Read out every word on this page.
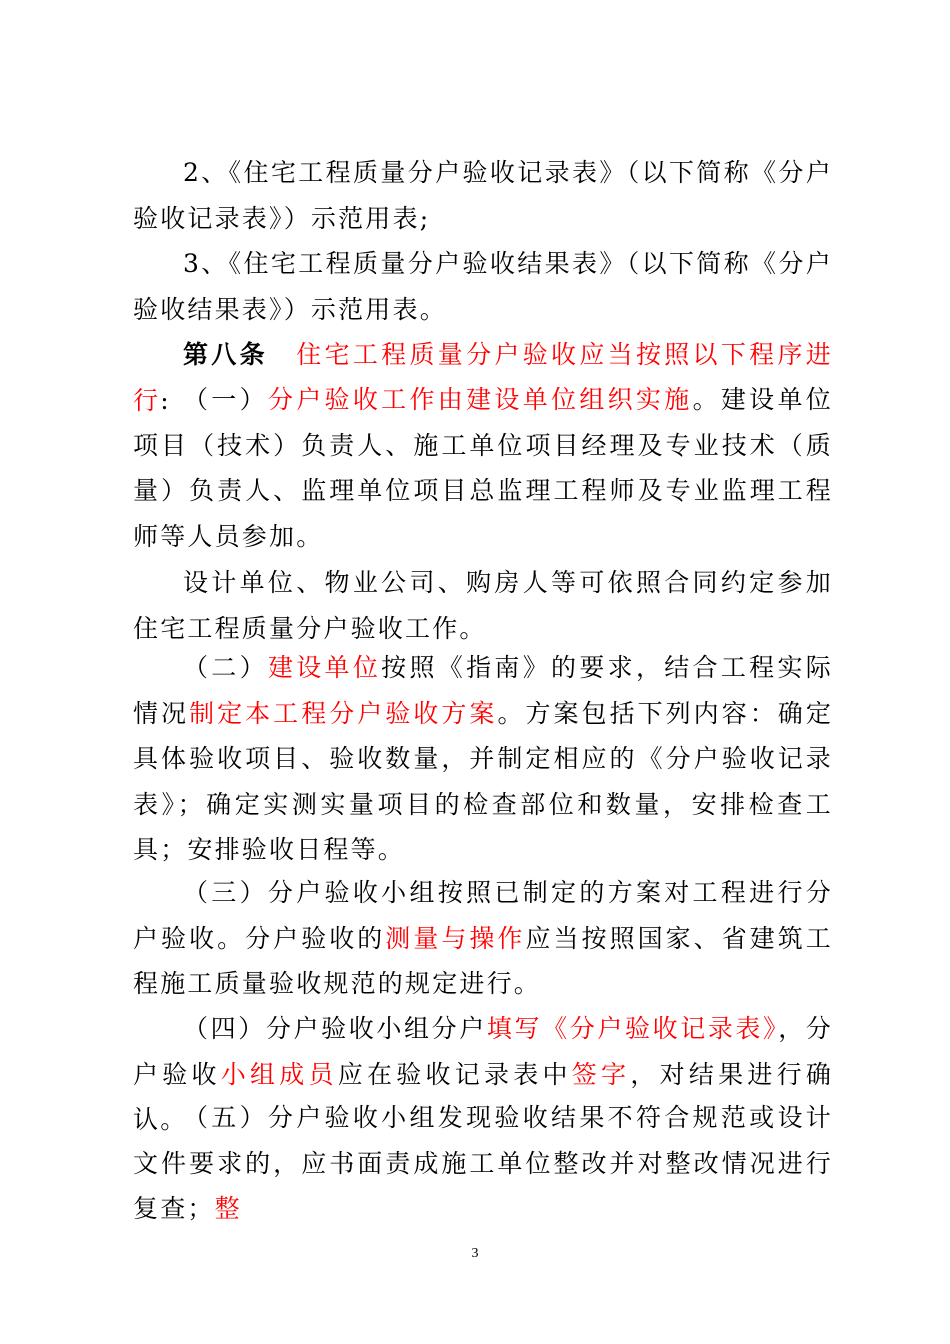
2、《住宅工程质量分户验收记录表》（以下简称《分户验收记录表》）示范用表;

3、《住宅工程质量分户验收结果表》（以下简称《分户验收结果表》）示范用表。

第八条　住宅工程质量分户验收应当按照以下程序进行: （一）分户验收工作由建设单位组织实施。建设单位项目（技术）负责人、施工单位项目经理及专业技术（质量）负责人、监理单位项目总监理工程师及专业监理工程师等人员参加。

设计单位、物业公司、购房人等可依照合同约定参加住宅工程质量分户验收工作。

（二）建设单位按照《指南》的要求，结合工程实际情况制定本工程分户验收方案。方案包括下列内容：确定具体验收项目、验收数量，并制定相应的《分户验收记录表》；确定实测实量项目的检查部位和数量，安排检查工具；安排验收日程等。

（三）分户验收小组按照已制定的方案对工程进行分户验收。分户验收的测量与操作应当按照国家、省建筑工程施工质量验收规范的规定进行。

（四）分户验收小组分户填写《分户验收记录表》，分户验收小组成员应在验收记录表中签字，对结果进行确认。

（五）分户验收小组发现验收结果不符合规范或设计文件要求的，应书面责成施工单位整改并对整改情况进行复查；整

3
